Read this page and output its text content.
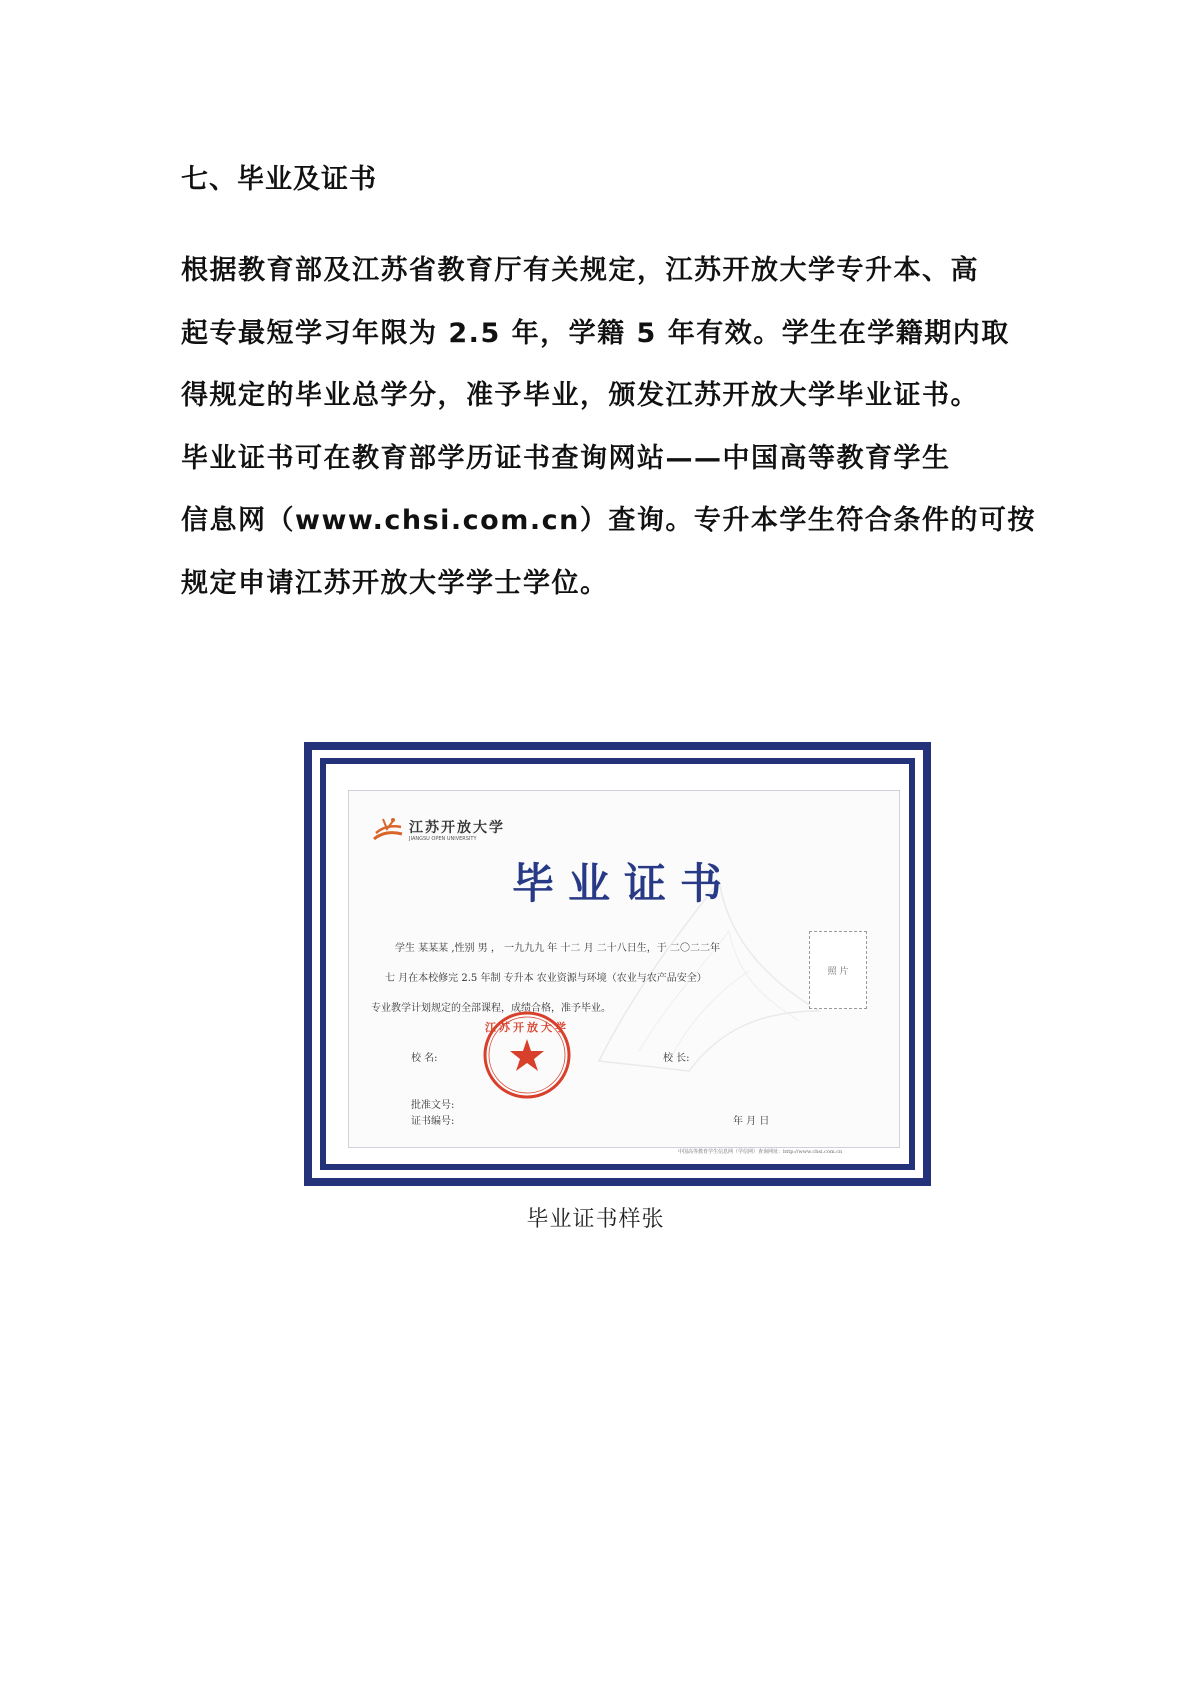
七、毕业及证书
根据教育部及江苏省教育厅有关规定，江苏开放大学专升本、高
起专最短学习年限为 2.5 年，学籍 5 年有效。学生在学籍期内取
得规定的毕业总学分，准予毕业，颁发江苏开放大学毕业证书。
毕业证书可在教育部学历证书查询网站——中国高等教育学生
信息网（www.chsi.com.cn）查询。专升本学生符合条件的可按
规定申请江苏开放大学学士学位。
江苏开放大学
JIANGSU OPEN UNIVERSITY
毕业证书
学生 某某某 ,性别 男 ， 一九九九 年 十二 月 二十八日生，于 二〇二二年
七 月在本校修完 2.5 年制 专升本 农业资源与环境（农业与农产品安全）
专业教学计划规定的全部课程，成绩合格，准予毕业。
照 片
江苏开放大学
校 名:	校 长:
批准文号:
证书编号:	年 月 日
中国高等教育学生信息网（学信网）查询网址：http://www.chsi.com.cn
毕业证书样张
